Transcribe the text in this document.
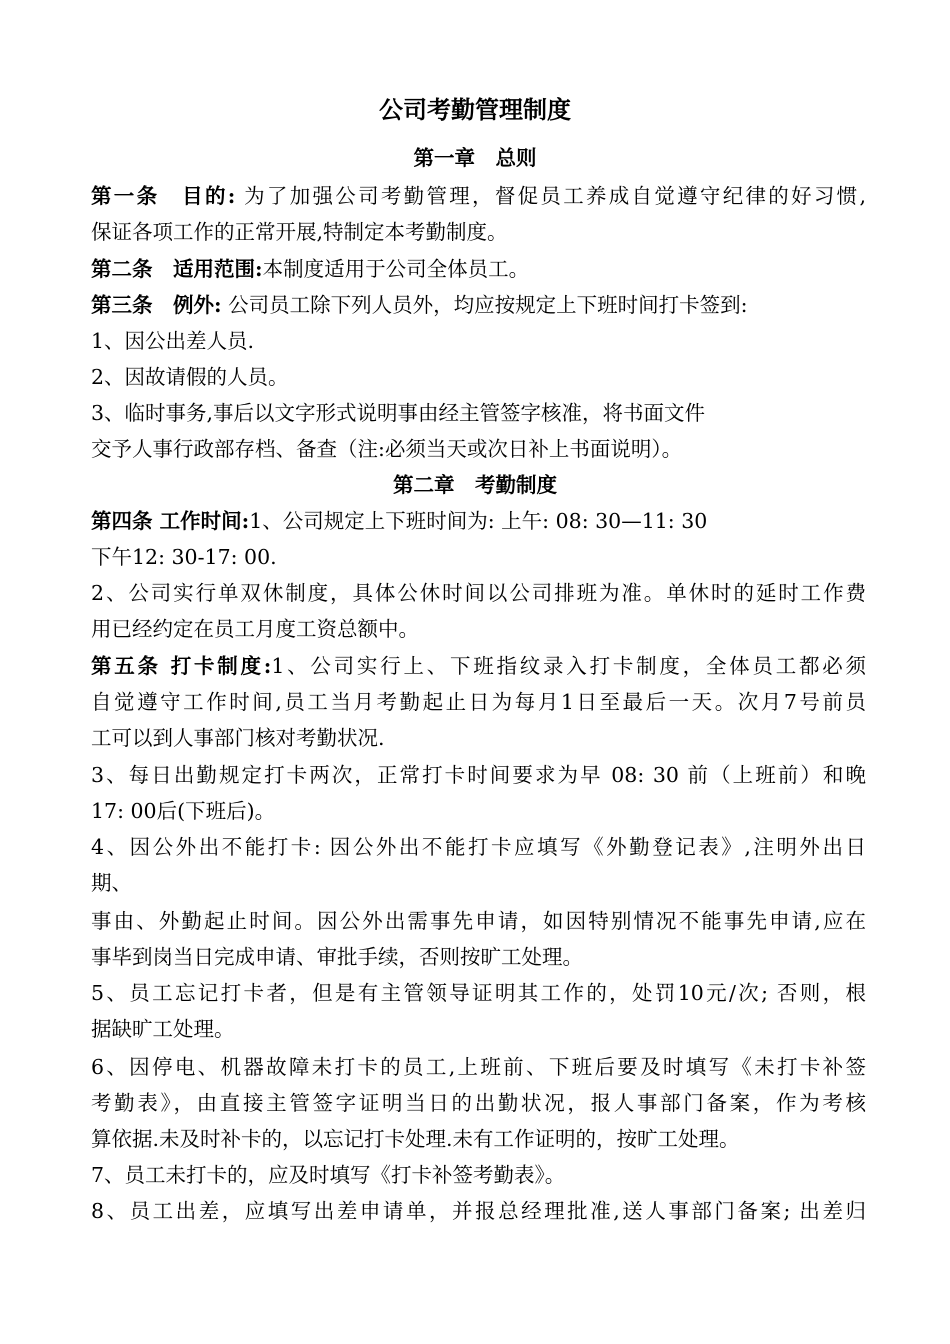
公司考勤管理制度
第一章　总则
第一条　目的: 为了加强公司考勤管理，督促员工养成自觉遵守纪律的好习惯,
保证各项工作的正常开展,特制定本考勤制度。
第二条　适用范围:本制度适用于公司全体员工。
第三条　例外: 公司员工除下列人员外，均应按规定上下班时间打卡签到:
1、因公出差人员.
2、因故请假的人员。
3、临时事务,事后以文字形式说明事由经主管签字核准，将书面文件
交予人事行政部存档、备查（注:必须当天或次日补上书面说明）。
第二章　考勤制度
第四条 工作时间:1、公司规定上下班时间为: 上午: 08: 30—11: 30
下午12: 30-17: 00.
2、公司实行单双休制度，具体公休时间以公司排班为准。单休时的延时工作费
用已经约定在员工月度工资总额中。
第五条 打卡制度:1、公司实行上、下班指纹录入打卡制度，全体员工都必须
自觉遵守工作时间,员工当月考勤起止日为每月1日至最后一天。次月7号前员
工可以到人事部门核对考勤状况.
3、每日出勤规定打卡两次，正常打卡时间要求为早 08: 30 前（上班前）和晚
17: 00后(下班后)。
4、因公外出不能打卡: 因公外出不能打卡应填写《外勤登记表》,注明外出日
期、
事由、外勤起止时间。因公外出需事先申请，如因特别情况不能事先申请,应在
事毕到岗当日完成申请、审批手续，否则按旷工处理。
5、员工忘记打卡者，但是有主管领导证明其工作的，处罚10元/次; 否则，根
据缺旷工处理。
6、因停电、机器故障未打卡的员工,上班前、下班后要及时填写《未打卡补签
考勤表》，由直接主管签字证明当日的出勤状况，报人事部门备案，作为考核
算依据.未及时补卡的，以忘记打卡处理.未有工作证明的，按旷工处理。
7、员工未打卡的，应及时填写《打卡补签考勤表》。
8、员工出差，应填写出差申请单，并报总经理批准,送人事部门备案; 出差归
